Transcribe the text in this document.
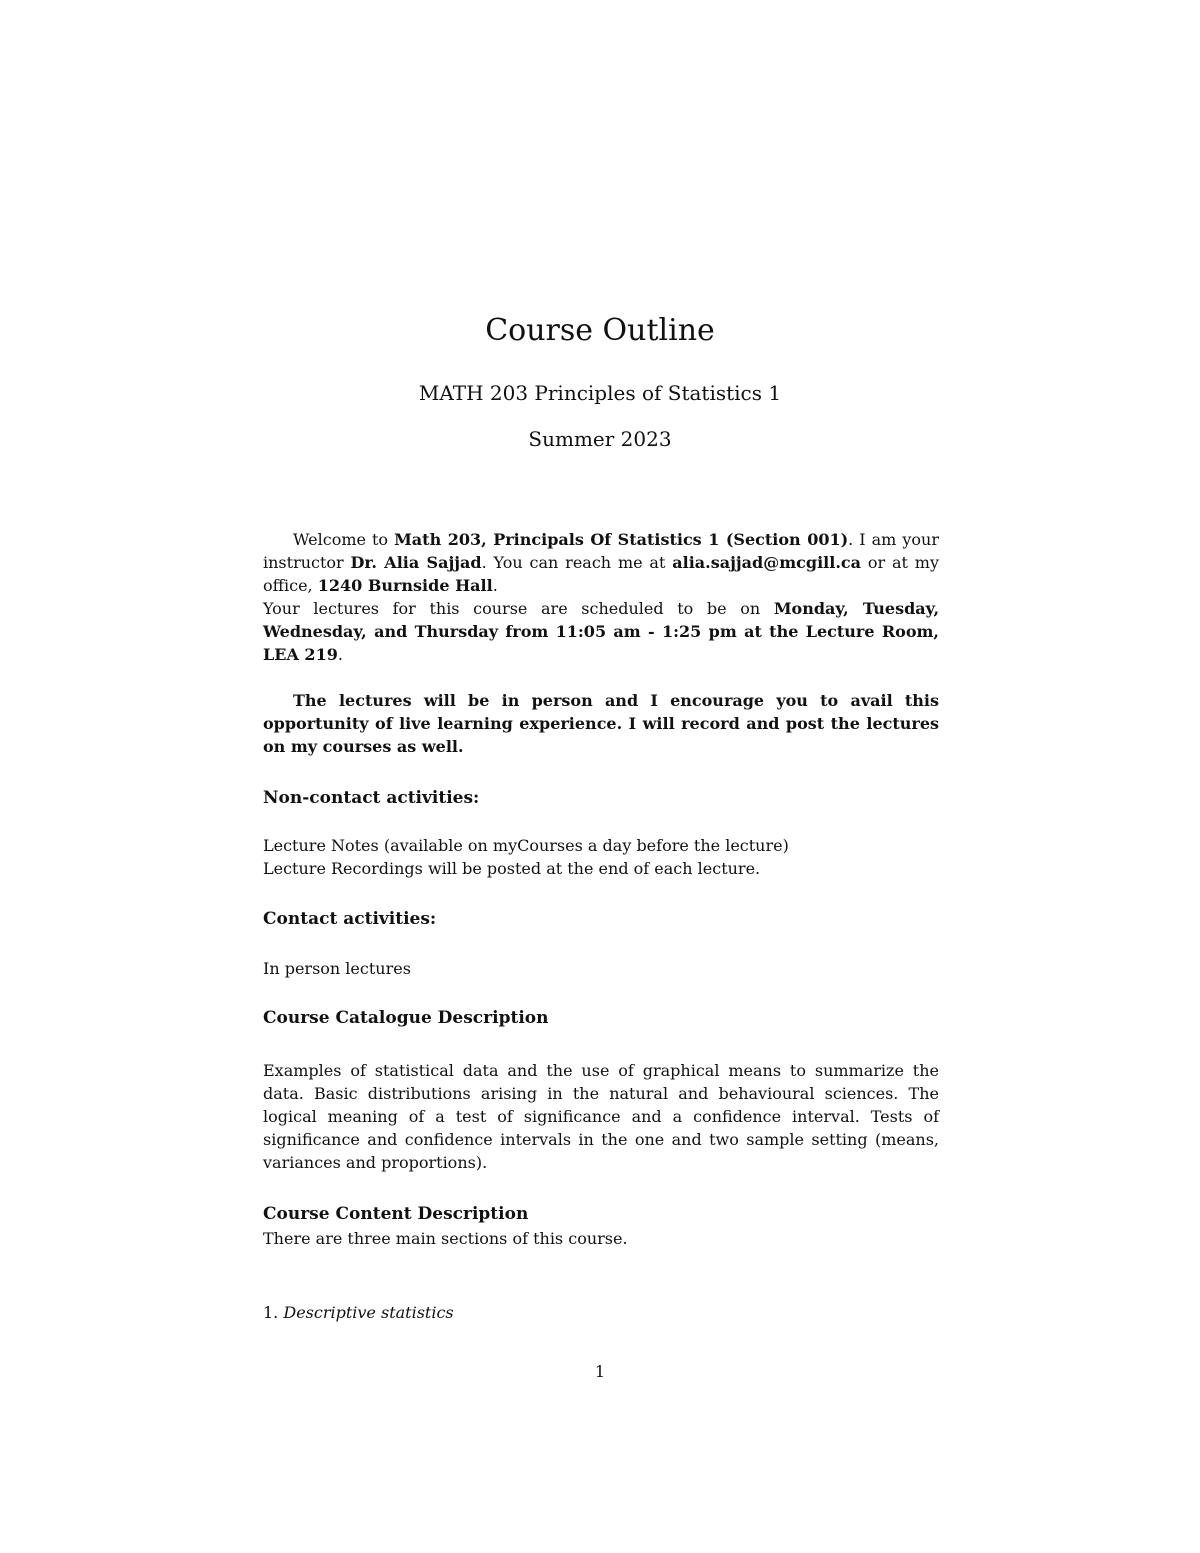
Course Outline
MATH 203 Principles of Statistics 1
Summer 2023
Welcome to Math 203, Principals Of Statistics 1 (Section 001). I am your instructor Dr. Alia Sajjad. You can reach me at alia.sajjad@mcgill.ca or at my office, 1240 Burnside Hall.
Your lectures for this course are scheduled to be on Monday, Tuesday, Wednesday, and Thursday from 11:05 am - 1:25 pm at the Lecture Room, LEA 219.
The lectures will be in person and I encourage you to avail this opportunity of live learning experience. I will record and post the lectures on my courses as well.
Non-contact activities:
Lecture Notes (available on myCourses a day before the lecture)
Lecture Recordings will be posted at the end of each lecture.
Contact activities:
In person lectures
Course Catalogue Description
Examples of statistical data and the use of graphical means to summarize the data. Basic distributions arising in the natural and behavioural sciences. The logical meaning of a test of significance and a confidence interval. Tests of significance and confidence intervals in the one and two sample setting (means, variances and proportions).
Course Content Description
There are three main sections of this course.
1. Descriptive statistics
1
